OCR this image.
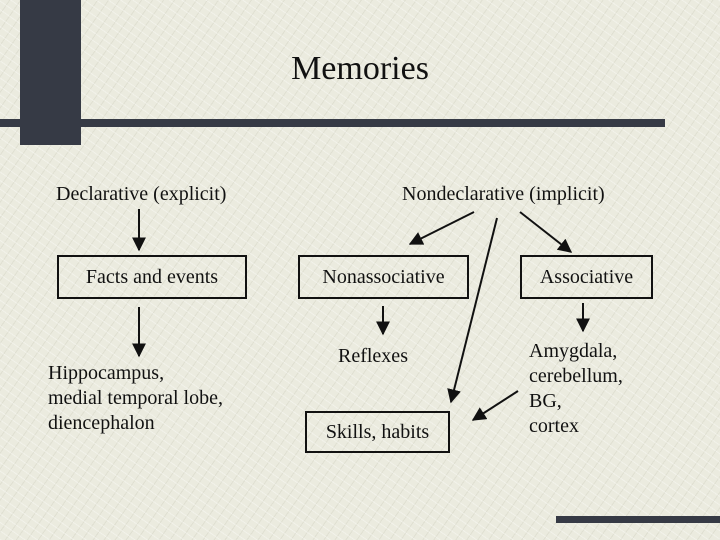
Memories
Declarative (explicit)	Nondeclarative (implicit)
Facts and events	Nonassociative	Associative
Reflexes
Skills, habits
Hippocampus,
medial temporal lobe,
diencephalon
Amygdala,
cerebellum,
BG,
cortex
